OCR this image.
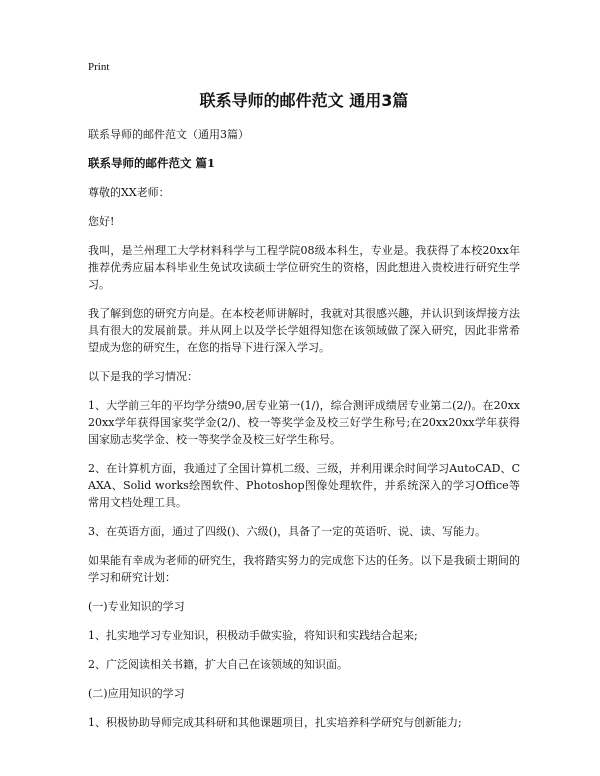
Print
联系导师的邮件范文 通用3篇
联系导师的邮件范文（通用3篇）
联系导师的邮件范文 篇1
尊敬的XX老师：
您好!
我叫，是兰州理工大学材料科学与工程学院08级本科生，专业是。我获得了本校20xx年推荐优秀应届本科毕业生免试攻读硕士学位研究生的资格，因此想进入贵校进行研究生学习。
我了解到您的研究方向是。在本校老师讲解时，我就对其很感兴趣，并认识到该焊接方法具有很大的发展前景。并从网上以及学长学姐得知您在该领域做了深入研究，因此非常希望成为您的研究生，在您的指导下进行深入学习。
以下是我的学习情况：
1、大学前三年的平均学分绩90,居专业第一(1/)，综合测评成绩居专业第二(2/)。在20xx20xx学年获得国家奖学金(2/)、校一等奖学金及校三好学生称号;在20xx20xx学年获得国家励志奖学金、校一等奖学金及校三好学生称号。
2、在计算机方面，我通过了全国计算机二级、三级，并利用课余时间学习AutoCAD、CAXA、Solid works绘图软件、Photoshop图像处理软件，并系统深入的学习Office等常用文档处理工具。
3、在英语方面，通过了四级()、六级()，具备了一定的英语听、说、读、写能力。
如果能有幸成为老师的研究生，我将踏实努力的完成您下达的任务。以下是我硕士期间的学习和研究计划：
(一)专业知识的学习
1、扎实地学习专业知识，积极动手做实验，将知识和实践结合起来;
2、广泛阅读相关书籍，扩大自己在该领域的知识面。
(二)应用知识的学习
1、积极协助导师完成其科研和其他课题项目，扎实培养科学研究与创新能力;
